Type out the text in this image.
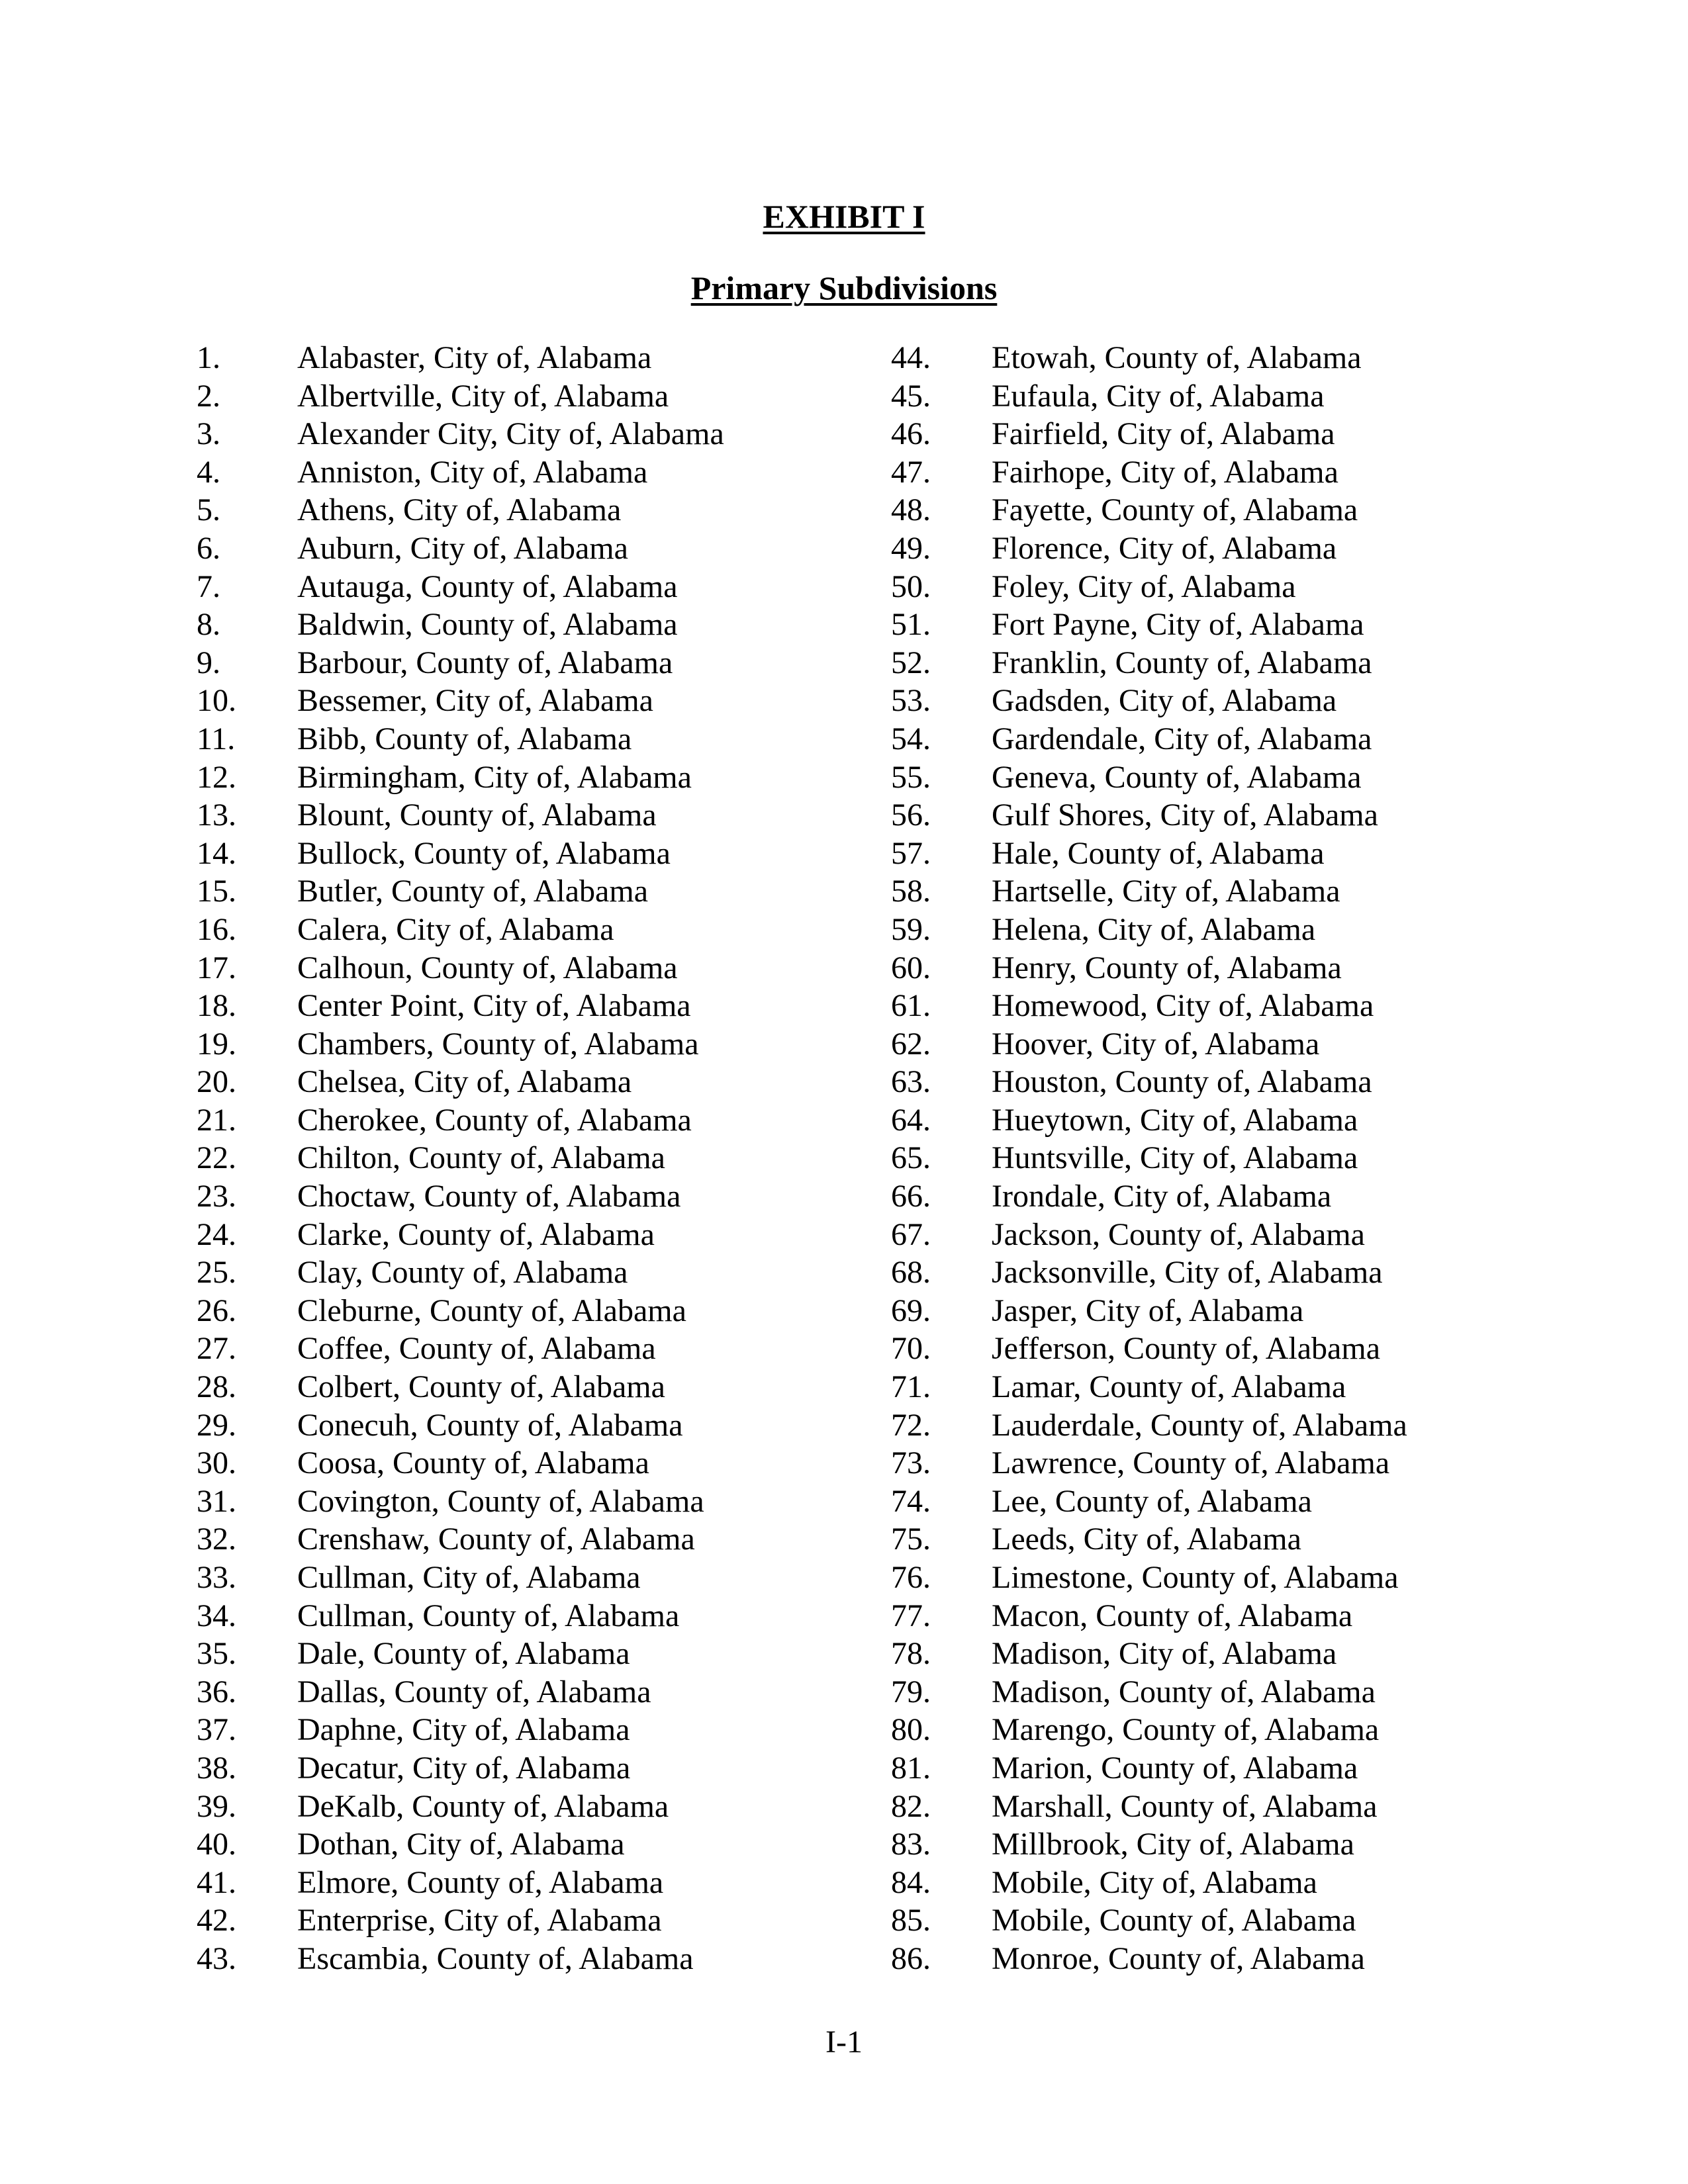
EXHIBIT I
Primary Subdivisions
1.	Alabaster, City of, Alabama
2.	Albertville, City of, Alabama
3.	Alexander City, City of, Alabama
4.	Anniston, City of, Alabama
5.	Athens, City of, Alabama
6.	Auburn, City of, Alabama
7.	Autauga, County of, Alabama
8.	Baldwin, County of, Alabama
9.	Barbour, County of, Alabama
10.	Bessemer, City of, Alabama
11.	Bibb, County of, Alabama
12.	Birmingham, City of, Alabama
13.	Blount, County of, Alabama
14.	Bullock, County of, Alabama
15.	Butler, County of, Alabama
16.	Calera, City of, Alabama
17.	Calhoun, County of, Alabama
18.	Center Point, City of, Alabama
19.	Chambers, County of, Alabama
20.	Chelsea, City of, Alabama
21.	Cherokee, County of, Alabama
22.	Chilton, County of, Alabama
23.	Choctaw, County of, Alabama
24.	Clarke, County of, Alabama
25.	Clay, County of, Alabama
26.	Cleburne, County of, Alabama
27.	Coffee, County of, Alabama
28.	Colbert, County of, Alabama
29.	Conecuh, County of, Alabama
30.	Coosa, County of, Alabama
31.	Covington, County of, Alabama
32.	Crenshaw, County of, Alabama
33.	Cullman, City of, Alabama
34.	Cullman, County of, Alabama
35.	Dale, County of, Alabama
36.	Dallas, County of, Alabama
37.	Daphne, City of, Alabama
38.	Decatur, City of, Alabama
39.	DeKalb, County of, Alabama
40.	Dothan, City of, Alabama
41.	Elmore, County of, Alabama
42.	Enterprise, City of, Alabama
43.	Escambia, County of, Alabama
44.	Etowah, County of, Alabama
45.	Eufaula, City of, Alabama
46.	Fairfield, City of, Alabama
47.	Fairhope, City of, Alabama
48.	Fayette, County of, Alabama
49.	Florence, City of, Alabama
50.	Foley, City of, Alabama
51.	Fort Payne, City of, Alabama
52.	Franklin, County of, Alabama
53.	Gadsden, City of, Alabama
54.	Gardendale, City of, Alabama
55.	Geneva, County of, Alabama
56.	Gulf Shores, City of, Alabama
57.	Hale, County of, Alabama
58.	Hartselle, City of, Alabama
59.	Helena, City of, Alabama
60.	Henry, County of, Alabama
61.	Homewood, City of, Alabama
62.	Hoover, City of, Alabama
63.	Houston, County of, Alabama
64.	Hueytown, City of, Alabama
65.	Huntsville, City of, Alabama
66.	Irondale, City of, Alabama
67.	Jackson, County of, Alabama
68.	Jacksonville, City of, Alabama
69.	Jasper, City of, Alabama
70.	Jefferson, County of, Alabama
71.	Lamar, County of, Alabama
72.	Lauderdale, County of, Alabama
73.	Lawrence, County of, Alabama
74.	Lee, County of, Alabama
75.	Leeds, City of, Alabama
76.	Limestone, County of, Alabama
77.	Macon, County of, Alabama
78.	Madison, City of, Alabama
79.	Madison, County of, Alabama
80.	Marengo, County of, Alabama
81.	Marion, County of, Alabama
82.	Marshall, County of, Alabama
83.	Millbrook, City of, Alabama
84.	Mobile, City of, Alabama
85.	Mobile, County of, Alabama
86.	Monroe, County of, Alabama
I-1
